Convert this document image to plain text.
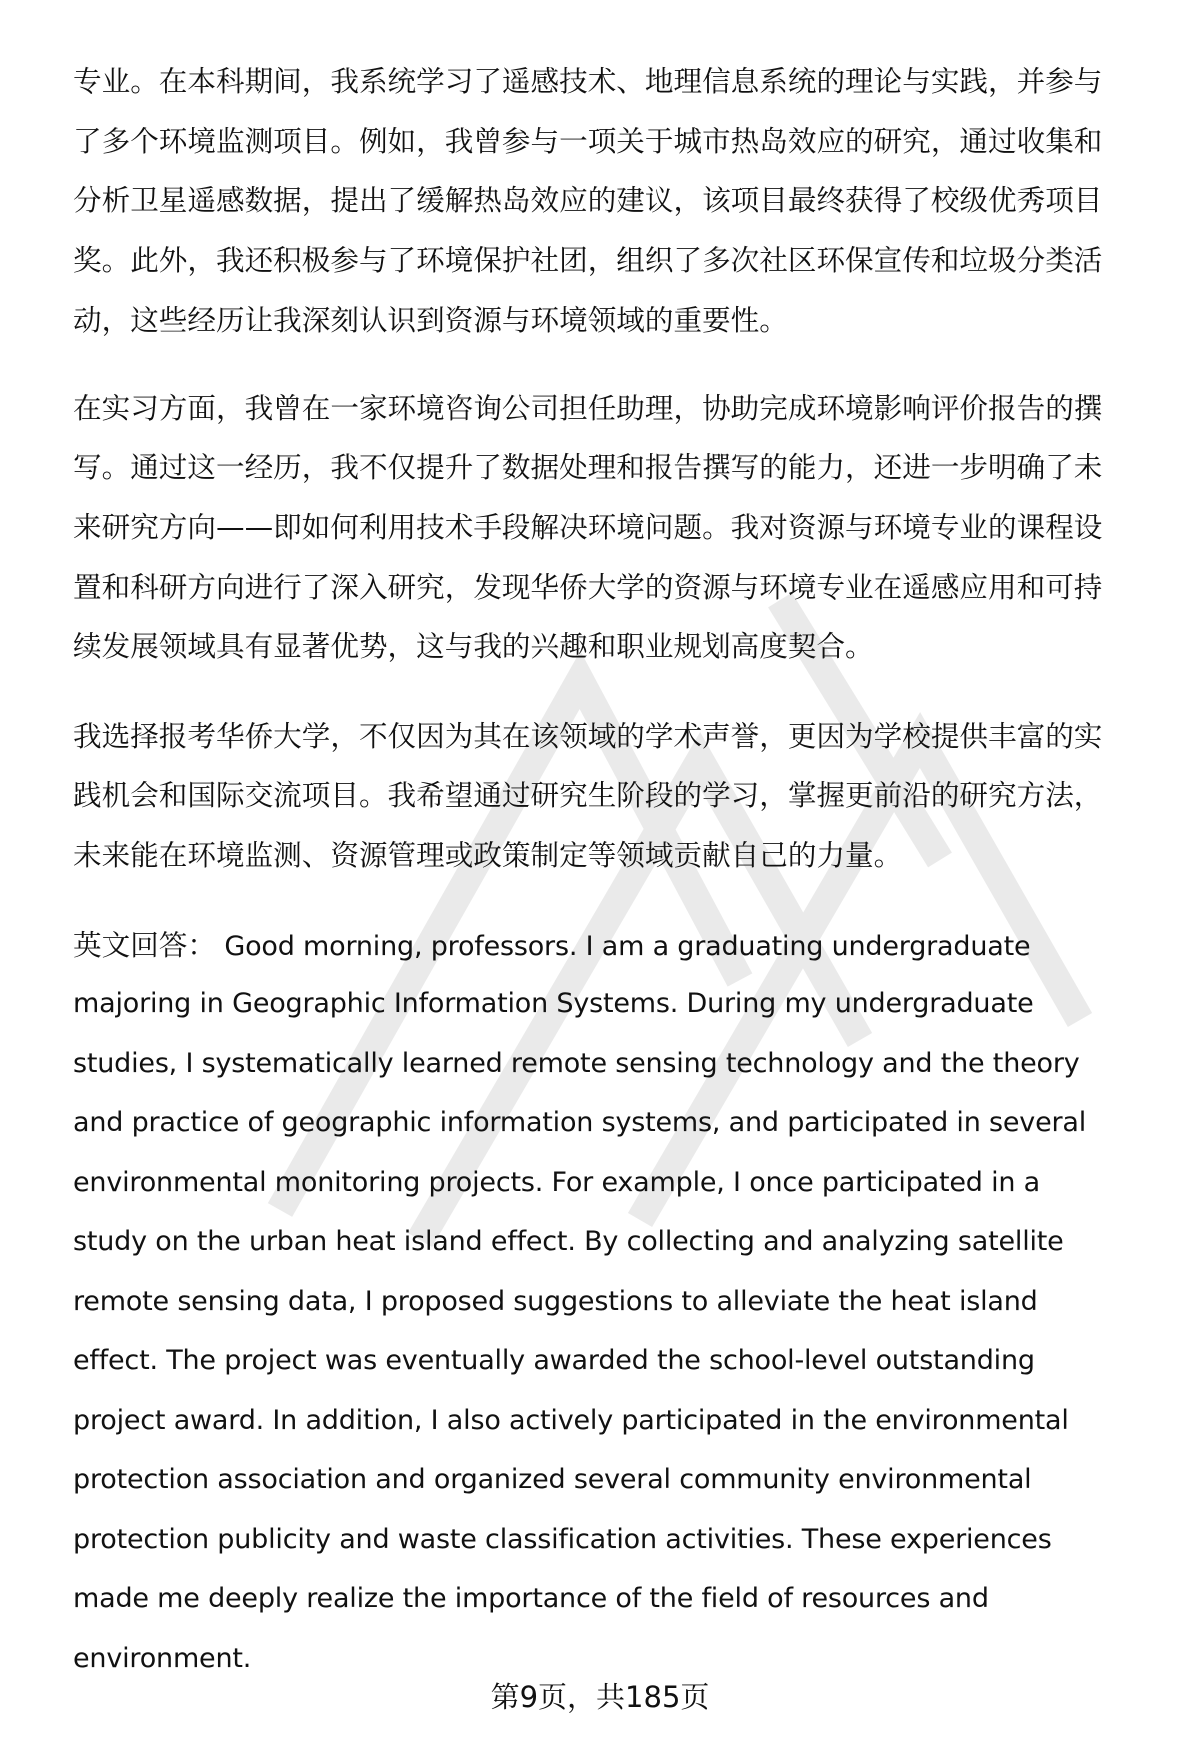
专业。在本科期间，我系统学习了遥感技术、地理信息系统的理论与实践，并参与
了多个环境监测项目。例如，我曾参与一项关于城市热岛效应的研究，通过收集和
分析卫星遥感数据，提出了缓解热岛效应的建议，该项目最终获得了校级优秀项目
奖。此外，我还积极参与了环境保护社团，组织了多次社区环保宣传和垃圾分类活
动，这些经历让我深刻认识到资源与环境领域的重要性。
在实习方面，我曾在一家环境咨询公司担任助理，协助完成环境影响评价报告的撰
写。通过这一经历，我不仅提升了数据处理和报告撰写的能力，还进一步明确了未
来研究方向——即如何利用技术手段解决环境问题。我对资源与环境专业的课程设
置和科研方向进行了深入研究，发现华侨大学的资源与环境专业在遥感应用和可持
续发展领域具有显著优势，这与我的兴趣和职业规划高度契合。
我选择报考华侨大学，不仅因为其在该领域的学术声誉，更因为学校提供丰富的实
践机会和国际交流项目。我希望通过研究生阶段的学习，掌握更前沿的研究方法，
未来能在环境监测、资源管理或政策制定等领域贡献自己的力量。
英文回答： Good morning, professors. I am a graduating undergraduate
majoring in Geographic Information Systems. During my undergraduate
studies, I systematically learned remote sensing technology and the theory
and practice of geographic information systems, and participated in several
environmental monitoring projects. For example, I once participated in a
study on the urban heat island effect. By collecting and analyzing satellite
remote sensing data, I proposed suggestions to alleviate the heat island
effect. The project was eventually awarded the school-level outstanding
project award. In addition, I also actively participated in the environmental
protection association and organized several community environmental
protection publicity and waste classification activities. These experiences
made me deeply realize the importance of the field of resources and
environment.
第9页，共185页
